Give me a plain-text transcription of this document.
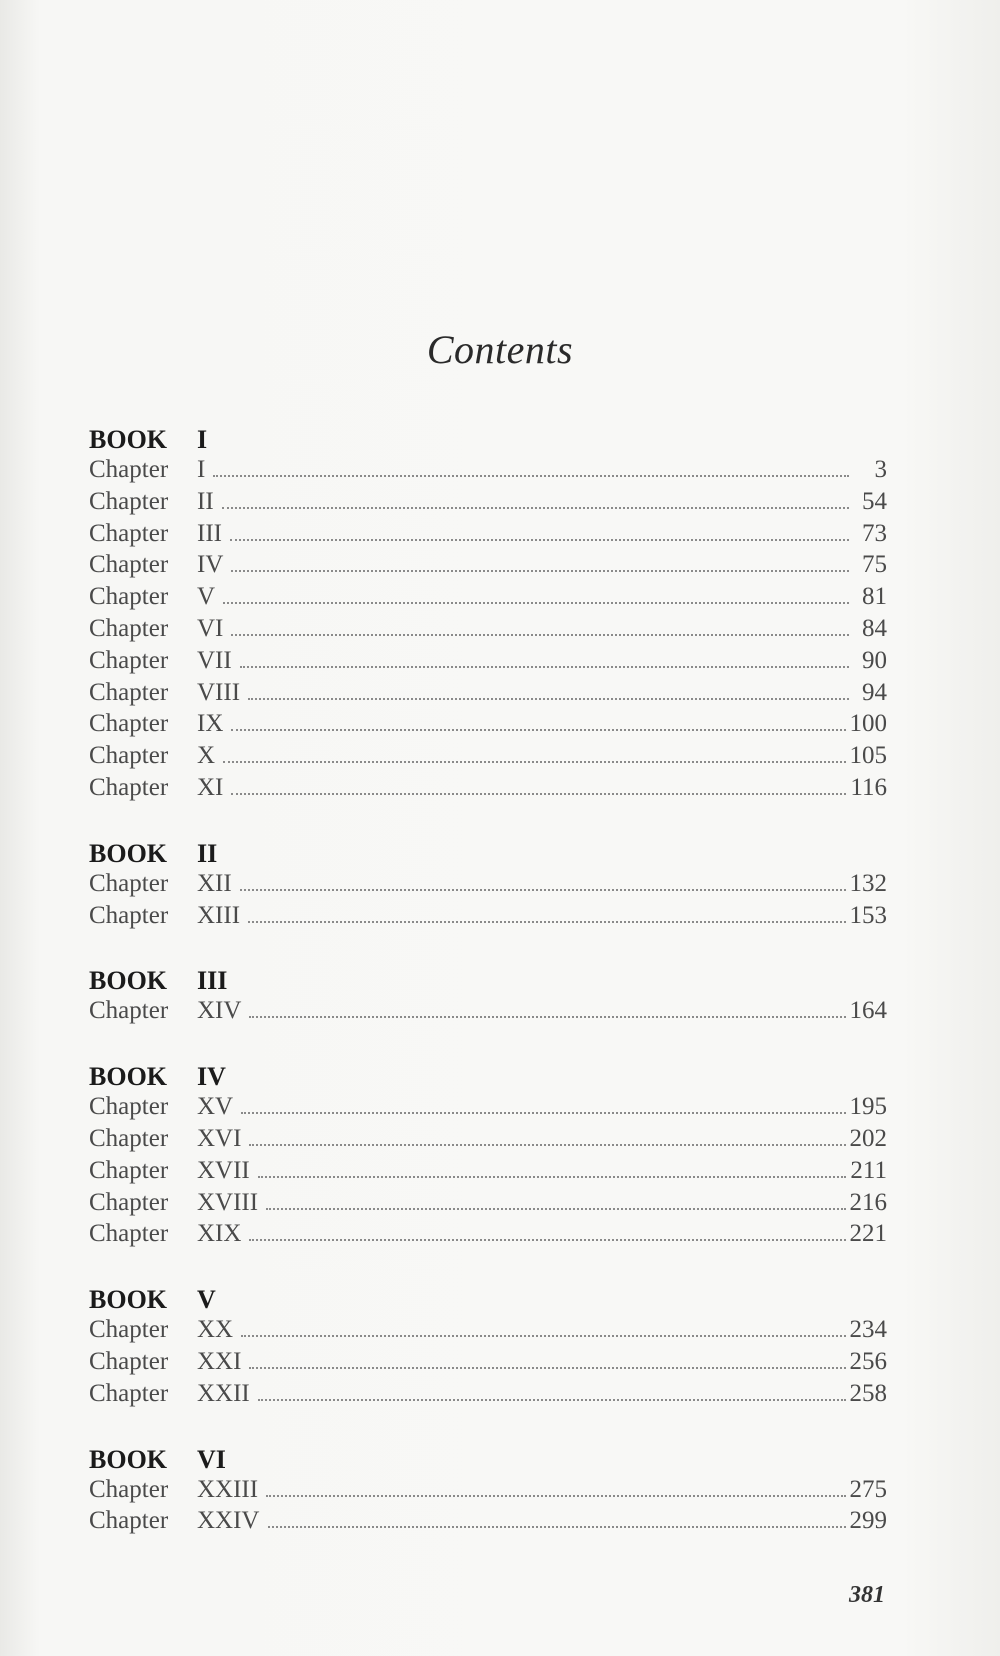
Contents
BOOK	I
Chapter	I	3
Chapter	II	54
Chapter	III	73
Chapter	IV	75
Chapter	V	81
Chapter	VI	84
Chapter	VII	90
Chapter	VIII	94
Chapter	IX	100
Chapter	X	105
Chapter	XI	116
BOOK	II
Chapter	XII	132
Chapter	XIII	153
BOOK	III
Chapter	XIV	164
BOOK	IV
Chapter	XV	195
Chapter	XVI	202
Chapter	XVII	211
Chapter	XVIII	216
Chapter	XIX	221
BOOK	V
Chapter	XX	234
Chapter	XXI	256
Chapter	XXII	258
BOOK	VI
Chapter	XXIII	275
Chapter	XXIV	299
381
